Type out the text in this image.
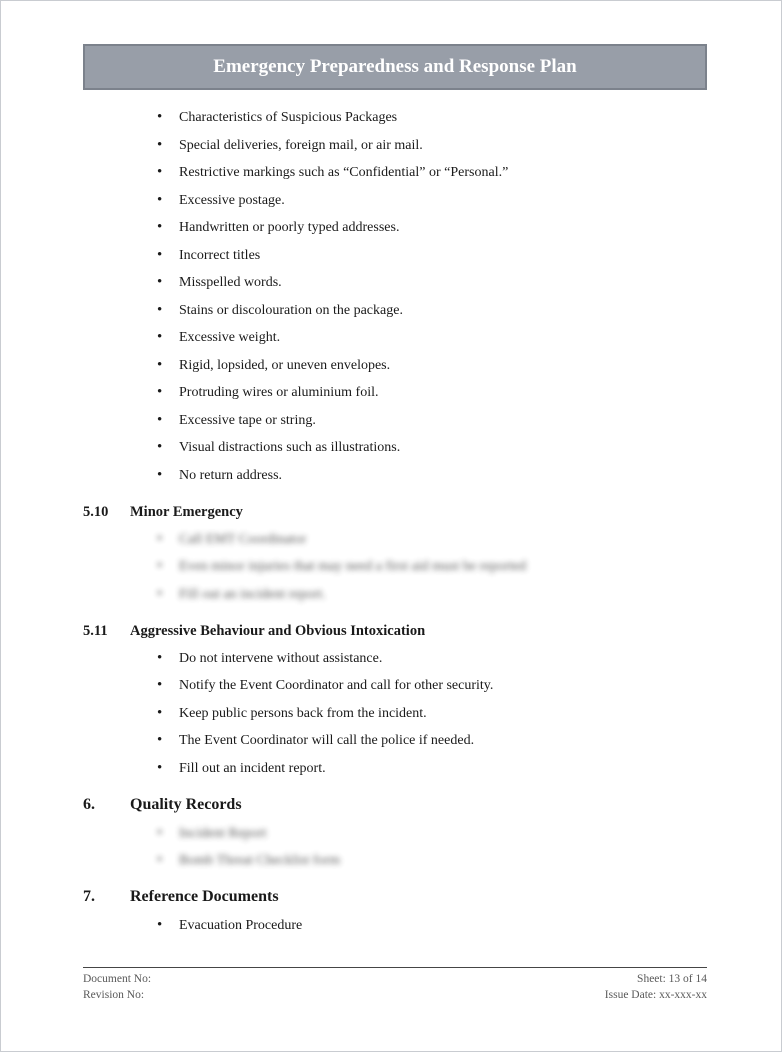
Emergency Preparedness and Response Plan
• Characteristics of Suspicious Packages
• Special deliveries, foreign mail, or air mail.
• Restrictive markings such as “Confidential” or “Personal.”
• Excessive postage.
• Handwritten or poorly typed addresses.
• Incorrect titles
• Misspelled words.
• Stains or discolouration on the package.
• Excessive weight.
• Rigid, lopsided, or uneven envelopes.
• Protruding wires or aluminium foil.
• Excessive tape or string.
• Visual distractions such as illustrations.
• No return address.
5.10	Minor Emergency
• Call EMT Coordinator
• Even minor injuries that may need a first aid must be reported
• Fill out an incident report.
5.11	Aggressive Behaviour and Obvious Intoxication
• Do not intervene without assistance.
• Notify the Event Coordinator and call for other security.
• Keep public persons back from the incident.
• The Event Coordinator will call the police if needed.
• Fill out an incident report.
6.	Quality Records
• Incident Report
• Bomb Threat Checklist form
7.	Reference Documents
• Evacuation Procedure
Document No:
Revision No:
Sheet: 13 of 14
Issue Date: xx-xxx-xx
